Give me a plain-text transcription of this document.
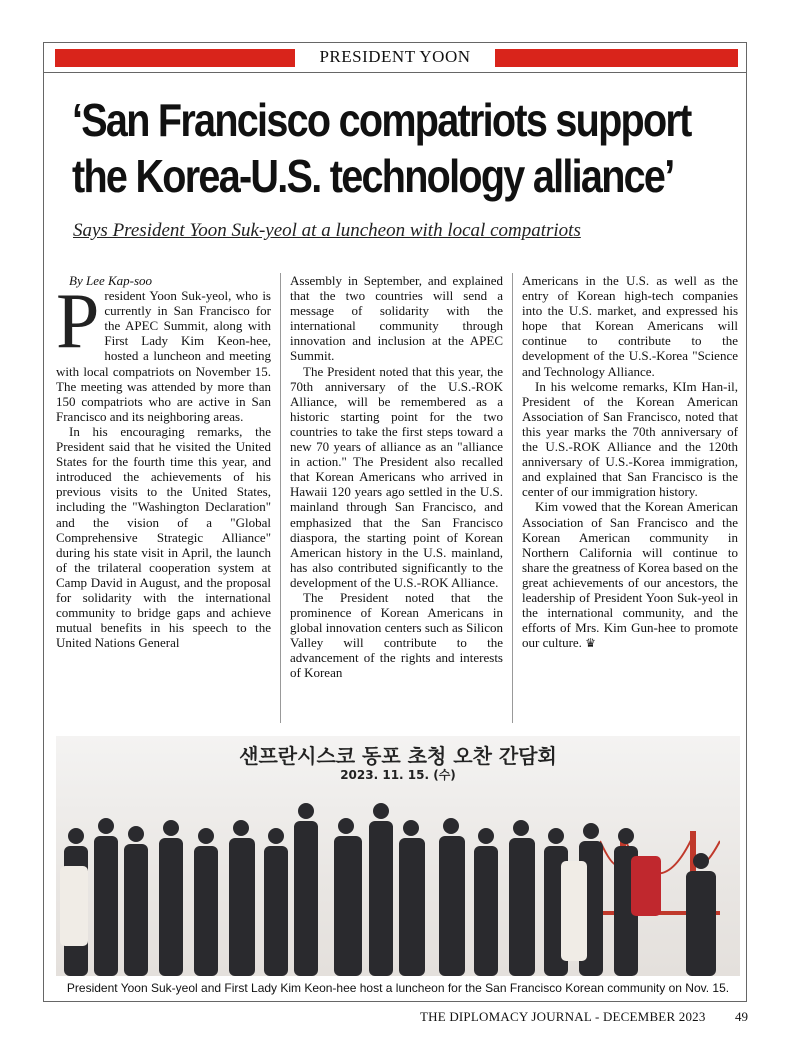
PRESIDENT YOON
‘San Francisco compatriots support
the Korea-U.S. technology alliance’
Says President Yoon Suk-yeol at a luncheon with local compatriots

By Lee Kap-soo

President Yoon Suk-yeol, who is currently in San Francisco for the APEC Summit, along with First Lady Kim Keon-hee, hosted a luncheon and meeting with local compatriots on November 15. The meeting was attended by more than 150 compatriots who are active in San Francisco and its neighboring areas.

In his encouraging remarks, the President said that he visited the United States for the fourth time this year, and introduced the achievements of his previous visits to the United States, including the "Washington Declaration" and the vision of a "Global Comprehensive Strategic Alliance" during his state visit in April, the launch of the trilateral cooperation system at Camp David in August, and the proposal for solidarity with the international community to bridge gaps and achieve mutual benefits in his speech to the United Nations General

Assembly in September, and explained that the two countries will send a message of solidarity with the international community through innovation and inclusion at the APEC Summit.

The President noted that this year, the 70th anniversary of the U.S.-ROK Alliance, will be remembered as a historic starting point for the two countries to take the first steps toward a new 70 years of alliance as an "alliance in action." The President also recalled that Korean Americans who arrived in Hawaii 120 years ago settled in the U.S. mainland through San Francisco, and emphasized that the San Francisco diaspora, the starting point of Korean American history in the U.S. mainland, has also contributed significantly to the development of the U.S.-ROK Alliance.

The President noted that the prominence of Korean Americans in global innovation centers such as Silicon Valley will contribute to the advancement of the rights and interests of Korean

Americans in the U.S. as well as the entry of Korean high-tech companies into the U.S. market, and expressed his hope that Korean Americans will continue to contribute to the development of the U.S.-Korea "Science and Technology Alliance.

In his welcome remarks, KIm Han-il, President of the Korean American Association of San Francisco, noted that this year marks the 70th anniversary of the U.S.-ROK Alliance and the 120th anniversary of U.S.-Korea immigration, and explained that San Francisco is the center of our immigration history.

Kim vowed that the Korean American Association of San Francisco and the Korean American community in Northern California will continue to share the greatness of Korea based on the great achievements of our ancestors, the leadership of President Yoon Suk-yeol in the international community, and the efforts of Mrs. Kim Gun-hee to promote our culture. ♛

샌프란시스코 동포 초청 오찬 간담회
2023. 11. 15. (수)
President Yoon Suk-yeol and First Lady Kim Keon-hee host a luncheon for the San Francisco Korean community on Nov. 15.
THE DIPLOMACY JOURNAL - DECEMBER 2023 49
